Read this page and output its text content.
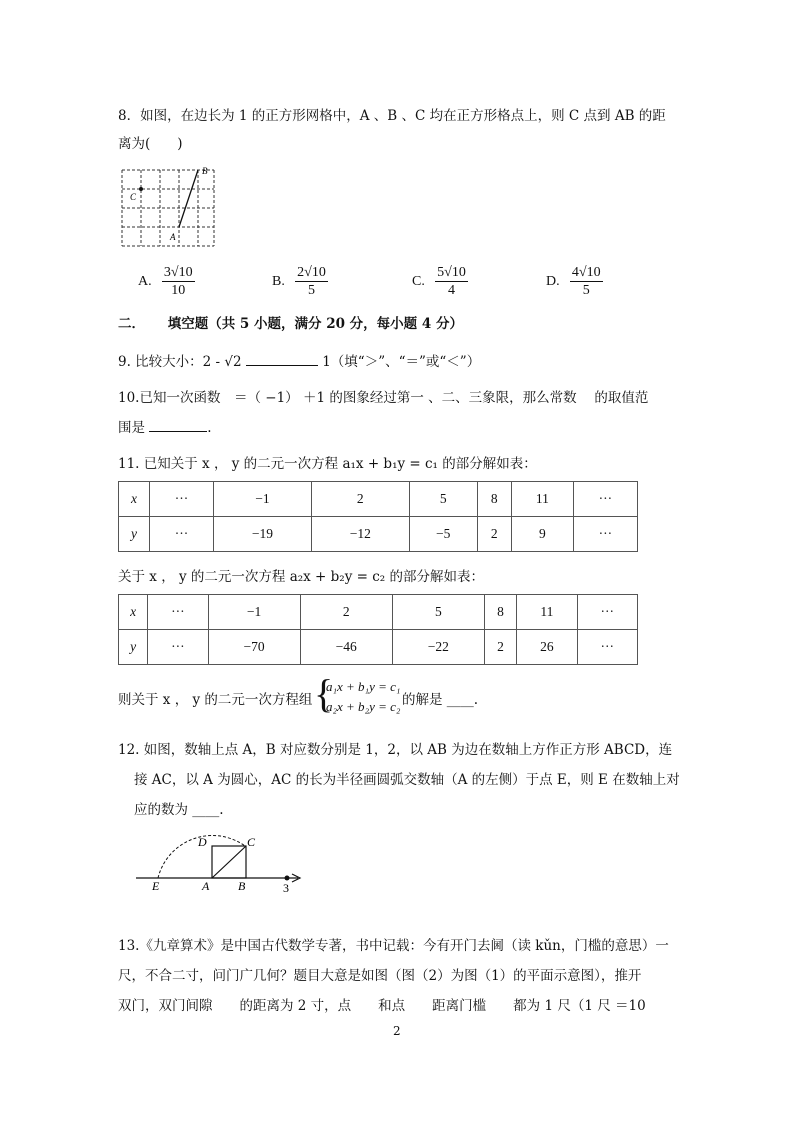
8．如图，在边长为 1 的正方形网格中，A 、B 、C 均在正方形格点上，则 C 点到 AB 的距
离为(　　)
A
B
C
A. $\frac{3√10}{10}$	B. $\frac{2√10}{5}$	C. $\frac{5√10}{4}$	D. $\frac{4√10}{5}$
二． 填空题（共 5 小题，满分 20 分，每小题 4 分）
9. 比较大小：2 - √2	1（填“＞”、“＝”或“＜”）
10.已知一次函数　＝（ −1） ＋1 的图象经过第一 、二、三象限，那么常数　 的取值范
围是	.
11. 已知关于 x ， y 的二元一次方程 a₁x + b₁y = c₁ 的部分解如表：
x	···	−1	2	5	8	11	···
y	···	−19	−12	−5	2	9	···
关于 x ， y 的二元一次方程 a₂x + b₂y = c₂ 的部分解如表：
x	···	−1	2	5	8	11	···
y	···	−70	−46	−22	2	26	···
则关于 x ， y 的二元一次方程组 {
a₁x + b₁y = c₁
a₂x + b₂y = c₂ 的解是 ____.
12. 如图，数轴上点 A，B 对应数分别是 1，2，以 AB 为边在数轴上方作正方形 ABCD，连
接 AC，以 A 为圆心，AC 的长为半径画圆弧交数轴（A 的左侧）于点 E，则 E 在数轴上对
应的数为 ____.
D	C
E	A B	3
13.《九章算术》是中国古代数学专著，书中记载：今有开门去阃（读 kǔn，门槛的意思）一
尺，不合二寸，问门广几何？题目大意是如图（图（2）为图（1）的平面示意图），推开
双门，双门间隙　　的距离为 2 寸，点　　和点　　距离门槛　　都为 1 尺（1 尺 ＝10
2
